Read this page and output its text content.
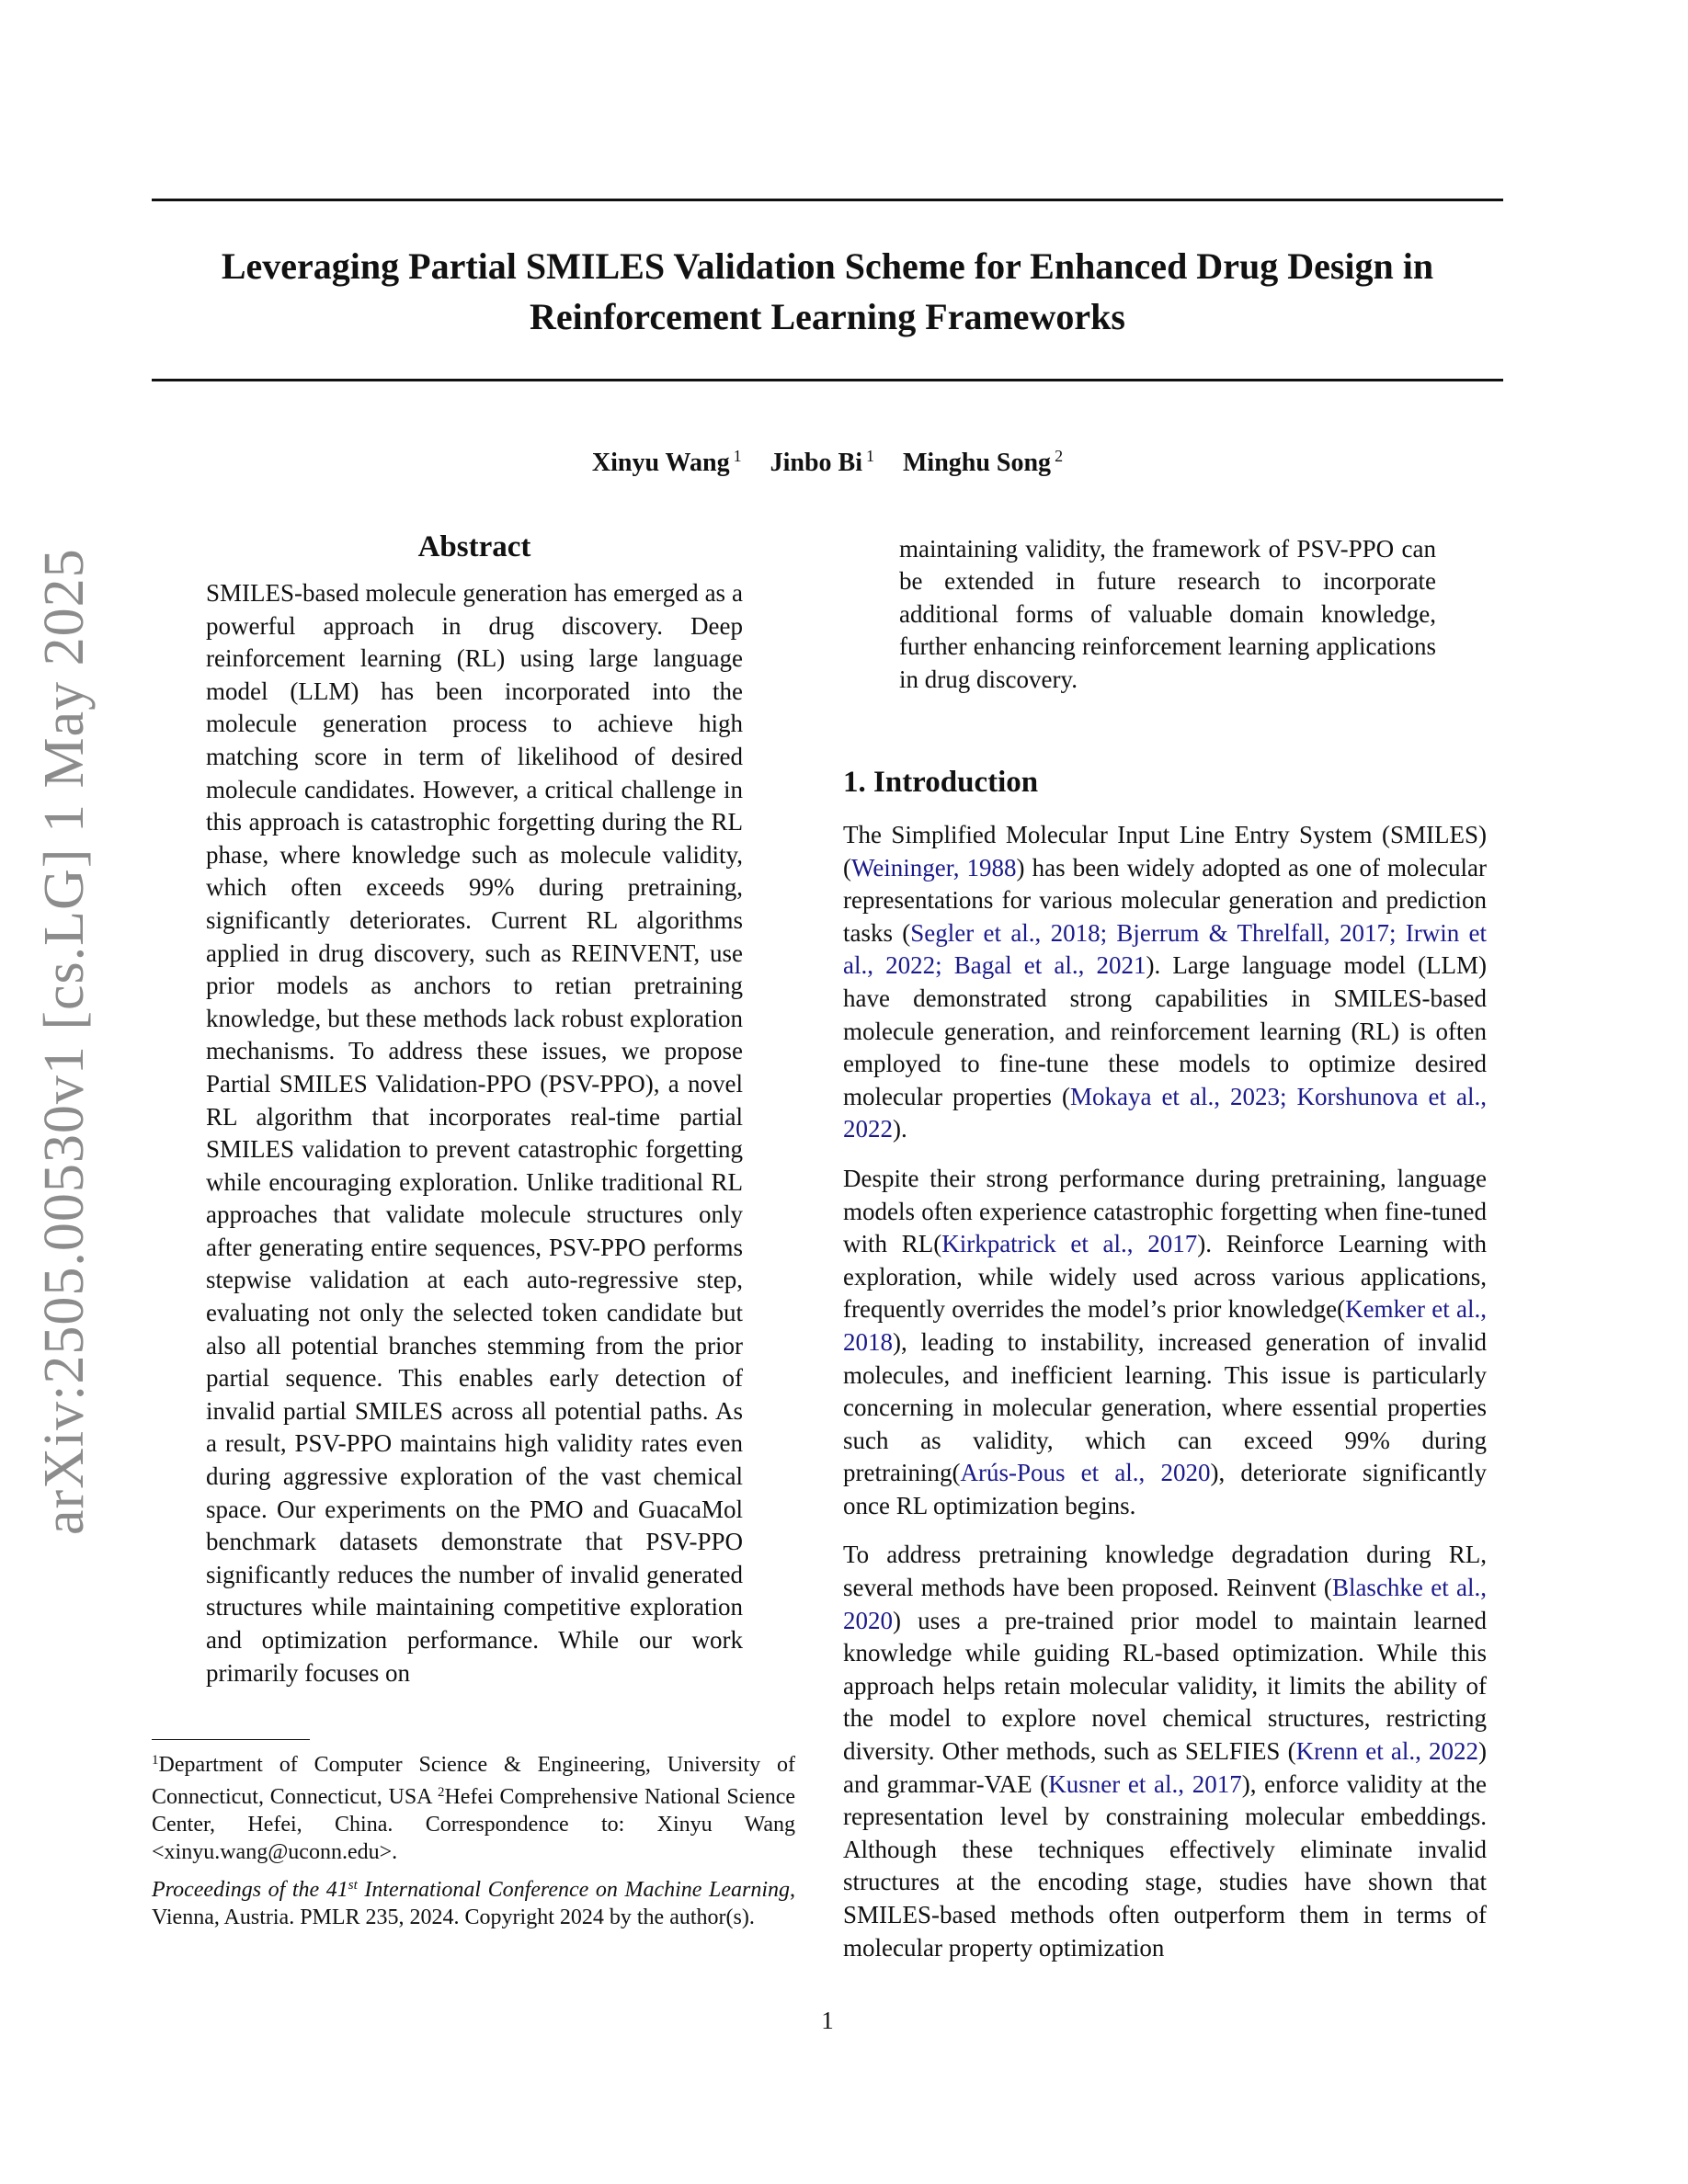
arXiv:2505.00530v1 [cs.LG] 1 May 2025
Leveraging Partial SMILES Validation Scheme for Enhanced Drug Design in
Reinforcement Learning Frameworks
Xinyu Wang $^1$ Jinbo Bi $^1$ Minghu Song $^2$
Abstract
SMILES-based molecule generation has emerged as a powerful approach in drug discovery. Deep reinforcement learning (RL) using large language model (LLM) has been incorporated into the molecule generation process to achieve high matching score in term of likelihood of desired molecule candidates. However, a critical challenge in this approach is catastrophic forgetting during the RL phase, where knowledge such as molecule validity, which often exceeds 99% during pretraining, significantly deteriorates. Current RL algorithms applied in drug discovery, such as REINVENT, use prior models as anchors to retian pretraining knowledge, but these methods lack robust exploration mechanisms. To address these issues, we propose Partial SMILES Validation-PPO (PSV-PPO), a novel RL algorithm that incorporates real-time partial SMILES validation to prevent catastrophic forgetting while encouraging exploration. Unlike traditional RL approaches that validate molecule structures only after generating entire sequences, PSV-PPO performs stepwise validation at each auto-regressive step, evaluating not only the selected token candidate but also all potential branches stemming from the prior partial sequence. This enables early detection of invalid partial SMILES across all potential paths. As a result, PSV-PPO maintains high validity rates even during aggressive exploration of the vast chemical space. Our experiments on the PMO and GuacaMol benchmark datasets demonstrate that PSV-PPO significantly reduces the number of invalid generated structures while maintaining competitive exploration and optimization performance. While our work primarily focuses on
maintaining validity, the framework of PSV-PPO can be extended in future research to incorporate additional forms of valuable domain knowledge, further enhancing reinforcement learning applications in drug discovery.
1. Introduction

The Simplified Molecular Input Line Entry System (SMILES) (Weininger, 1988) has been widely adopted as one of molecular representations for various molecular generation and prediction tasks (Segler et al., 2018; Bjerrum & Threlfall, 2017; Irwin et al., 2022; Bagal et al., 2021). Large language model (LLM) have demonstrated strong capabilities in SMILES-based molecule generation, and reinforcement learning (RL) is often employed to fine-tune these models to optimize desired molecular properties (Mokaya et al., 2023; Korshunova et al., 2022).

Despite their strong performance during pretraining, language models often experience catastrophic forgetting when fine-tuned with RL(Kirkpatrick et al., 2017). Reinforce Learning with exploration, while widely used across various applications, frequently overrides the model’s prior knowledge(Kemker et al., 2018), leading to instability, increased generation of invalid molecules, and inefficient learning. This issue is particularly concerning in molecular generation, where essential properties such as validity, which can exceed 99% during pretraining(Arús-Pous et al., 2020), deteriorate significantly once RL optimization begins.

To address pretraining knowledge degradation during RL, several methods have been proposed. Reinvent (Blaschke et al., 2020) uses a pre-trained prior model to maintain learned knowledge while guiding RL-based optimization. While this approach helps retain molecular validity, it limits the ability of the model to explore novel chemical structures, restricting diversity. Other methods, such as SELFIES (Krenn et al., 2022) and grammar-VAE (Kusner et al., 2017), enforce validity at the representation level by constraining molecular embeddings. Although these techniques effectively eliminate invalid structures at the encoding stage, studies have shown that SMILES-based methods often outperform them in terms of molecular property optimization

$^1$Department of Computer Science & Engineering, University of Connecticut, Connecticut, USA $^2$Hefei Comprehensive National Science Center, Hefei, China. Correspondence to: Xinyu Wang <xinyu.wang@uconn.edu>.
Proceedings of the 41st International Conference on Machine Learning, Vienna, Austria. PMLR 235, 2024. Copyright 2024 by the author(s).
1
